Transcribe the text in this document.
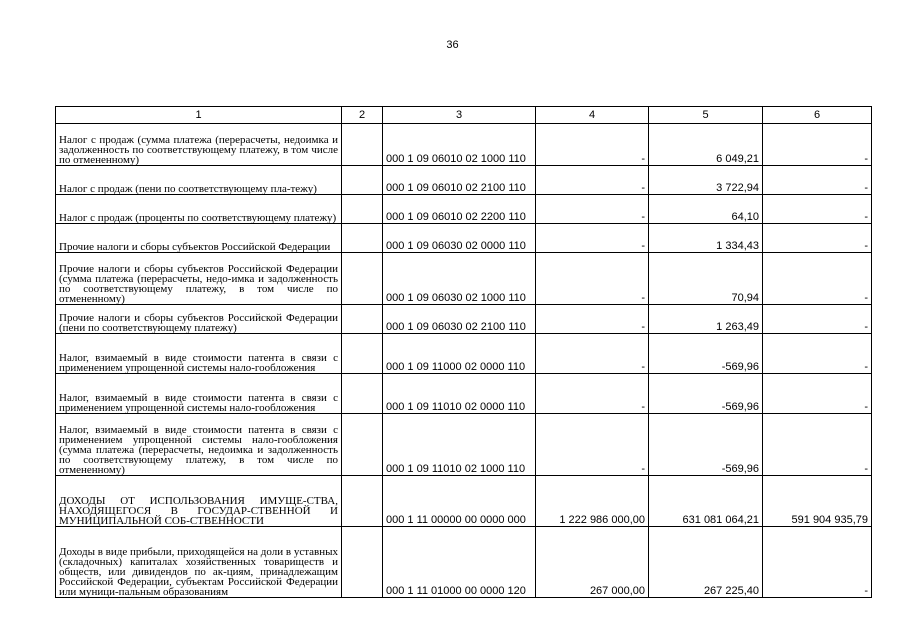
36
1	2	3	4	5	6
Налог с продаж (сумма платежа (перерасчеты, недоимка и задолженность по соответствующему платежу, в том числе по отмененному)		000 1 09 06010 02 1000 110	-	6 049,21	-
Налог с продаж (пени по соответствующему пла-тежу)		000 1 09 06010 02 2100 110	-	3 722,94	-
Налог с продаж (проценты по соответствующему платежу)		000 1 09 06010 02 2200 110	-	64,10	-
Прочие налоги и сборы субъектов Российской Федерации		000 1 09 06030 02 0000 110	-	1 334,43	-
Прочие налоги и сборы субъектов Российской Федерации (сумма платежа (перерасчеты, недо-имка и задолженность по соответствующему платежу, в том числе по отмененному)		000 1 09 06030 02 1000 110	-	70,94	-
Прочие налоги и сборы субъектов Российской Федерации (пени по соответствующему платежу)		000 1 09 06030 02 2100 110	-	1 263,49	-
Налог, взимаемый в виде стоимости патента в связи с применением упрощенной системы нало-гообложения		000 1 09 11000 02 0000 110	-	-569,96	-
Налог, взимаемый в виде стоимости патента в связи с применением упрощенной системы нало-гообложения		000 1 09 11010 02 0000 110	-	-569,96	-
Налог, взимаемый в виде стоимости патента в связи с применением упрощенной системы нало-гообложения (сумма платежа (перерасчеты, недоимка и задолженность по соответствующему платежу, в том числе по отмененному)		000 1 09 11010 02 1000 110	-	-569,96	-
ДОХОДЫ ОТ ИСПОЛЬЗОВАНИЯ ИМУЩЕ-СТВА, НАХОДЯЩЕГОСЯ В ГОСУДАР-СТВЕННОЙ И МУНИЦИПАЛЬНОЙ СОБ-СТВЕННОСТИ		000 1 11 00000 00 0000 000	1 222 986 000,00	631 081 064,21	591 904 935,79
Доходы в виде прибыли, приходящейся на доли в уставных (складочных) капиталах хозяйственных товариществ и обществ, или дивидендов по ак-циям, принадлежащим Российской Федерации, субъектам Российской Федерации или муници-пальным образованиям		000 1 11 01000 00 0000 120	267 000,00	267 225,40	-
